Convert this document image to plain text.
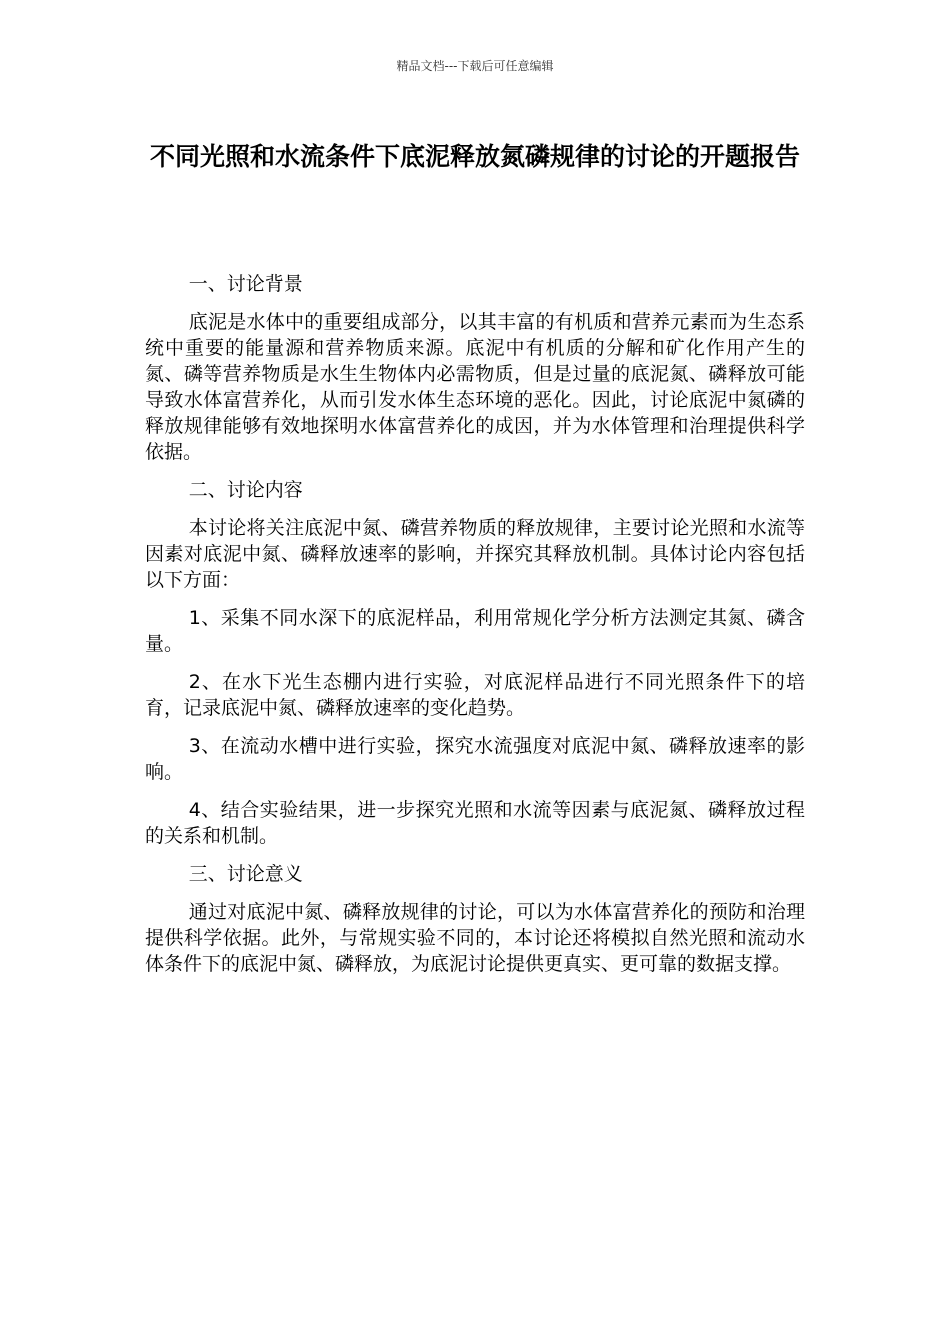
精品文档---下载后可任意编辑
不同光照和水流条件下底泥释放氮磷规律的讨论的开题报告

一、讨论背景

底泥是水体中的重要组成部分，以其丰富的有机质和营养元素而为生态系统中重要的能量源和营养物质来源。底泥中有机质的分解和矿化作用产生的氮、磷等营养物质是水生生物体内必需物质，但是过量的底泥氮、磷释放可能导致水体富营养化，从而引发水体生态环境的恶化。因此，讨论底泥中氮磷的释放规律能够有效地探明水体富营养化的成因，并为水体管理和治理提供科学依据。

二、讨论内容

本讨论将关注底泥中氮、磷营养物质的释放规律，主要讨论光照和水流等因素对底泥中氮、磷释放速率的影响，并探究其释放机制。具体讨论内容包括以下方面：

1、采集不同水深下的底泥样品，利用常规化学分析方法测定其氮、磷含量。

2、在水下光生态棚内进行实验，对底泥样品进行不同光照条件下的培育，记录底泥中氮、磷释放速率的变化趋势。

3、在流动水槽中进行实验，探究水流强度对底泥中氮、磷释放速率的影响。

4、结合实验结果，进一步探究光照和水流等因素与底泥氮、磷释放过程的关系和机制。

三、讨论意义

通过对底泥中氮、磷释放规律的讨论，可以为水体富营养化的预防和治理提供科学依据。此外，与常规实验不同的，本讨论还将模拟自然光照和流动水体条件下的底泥中氮、磷释放，为底泥讨论提供更真实、更可靠的数据支撑。
